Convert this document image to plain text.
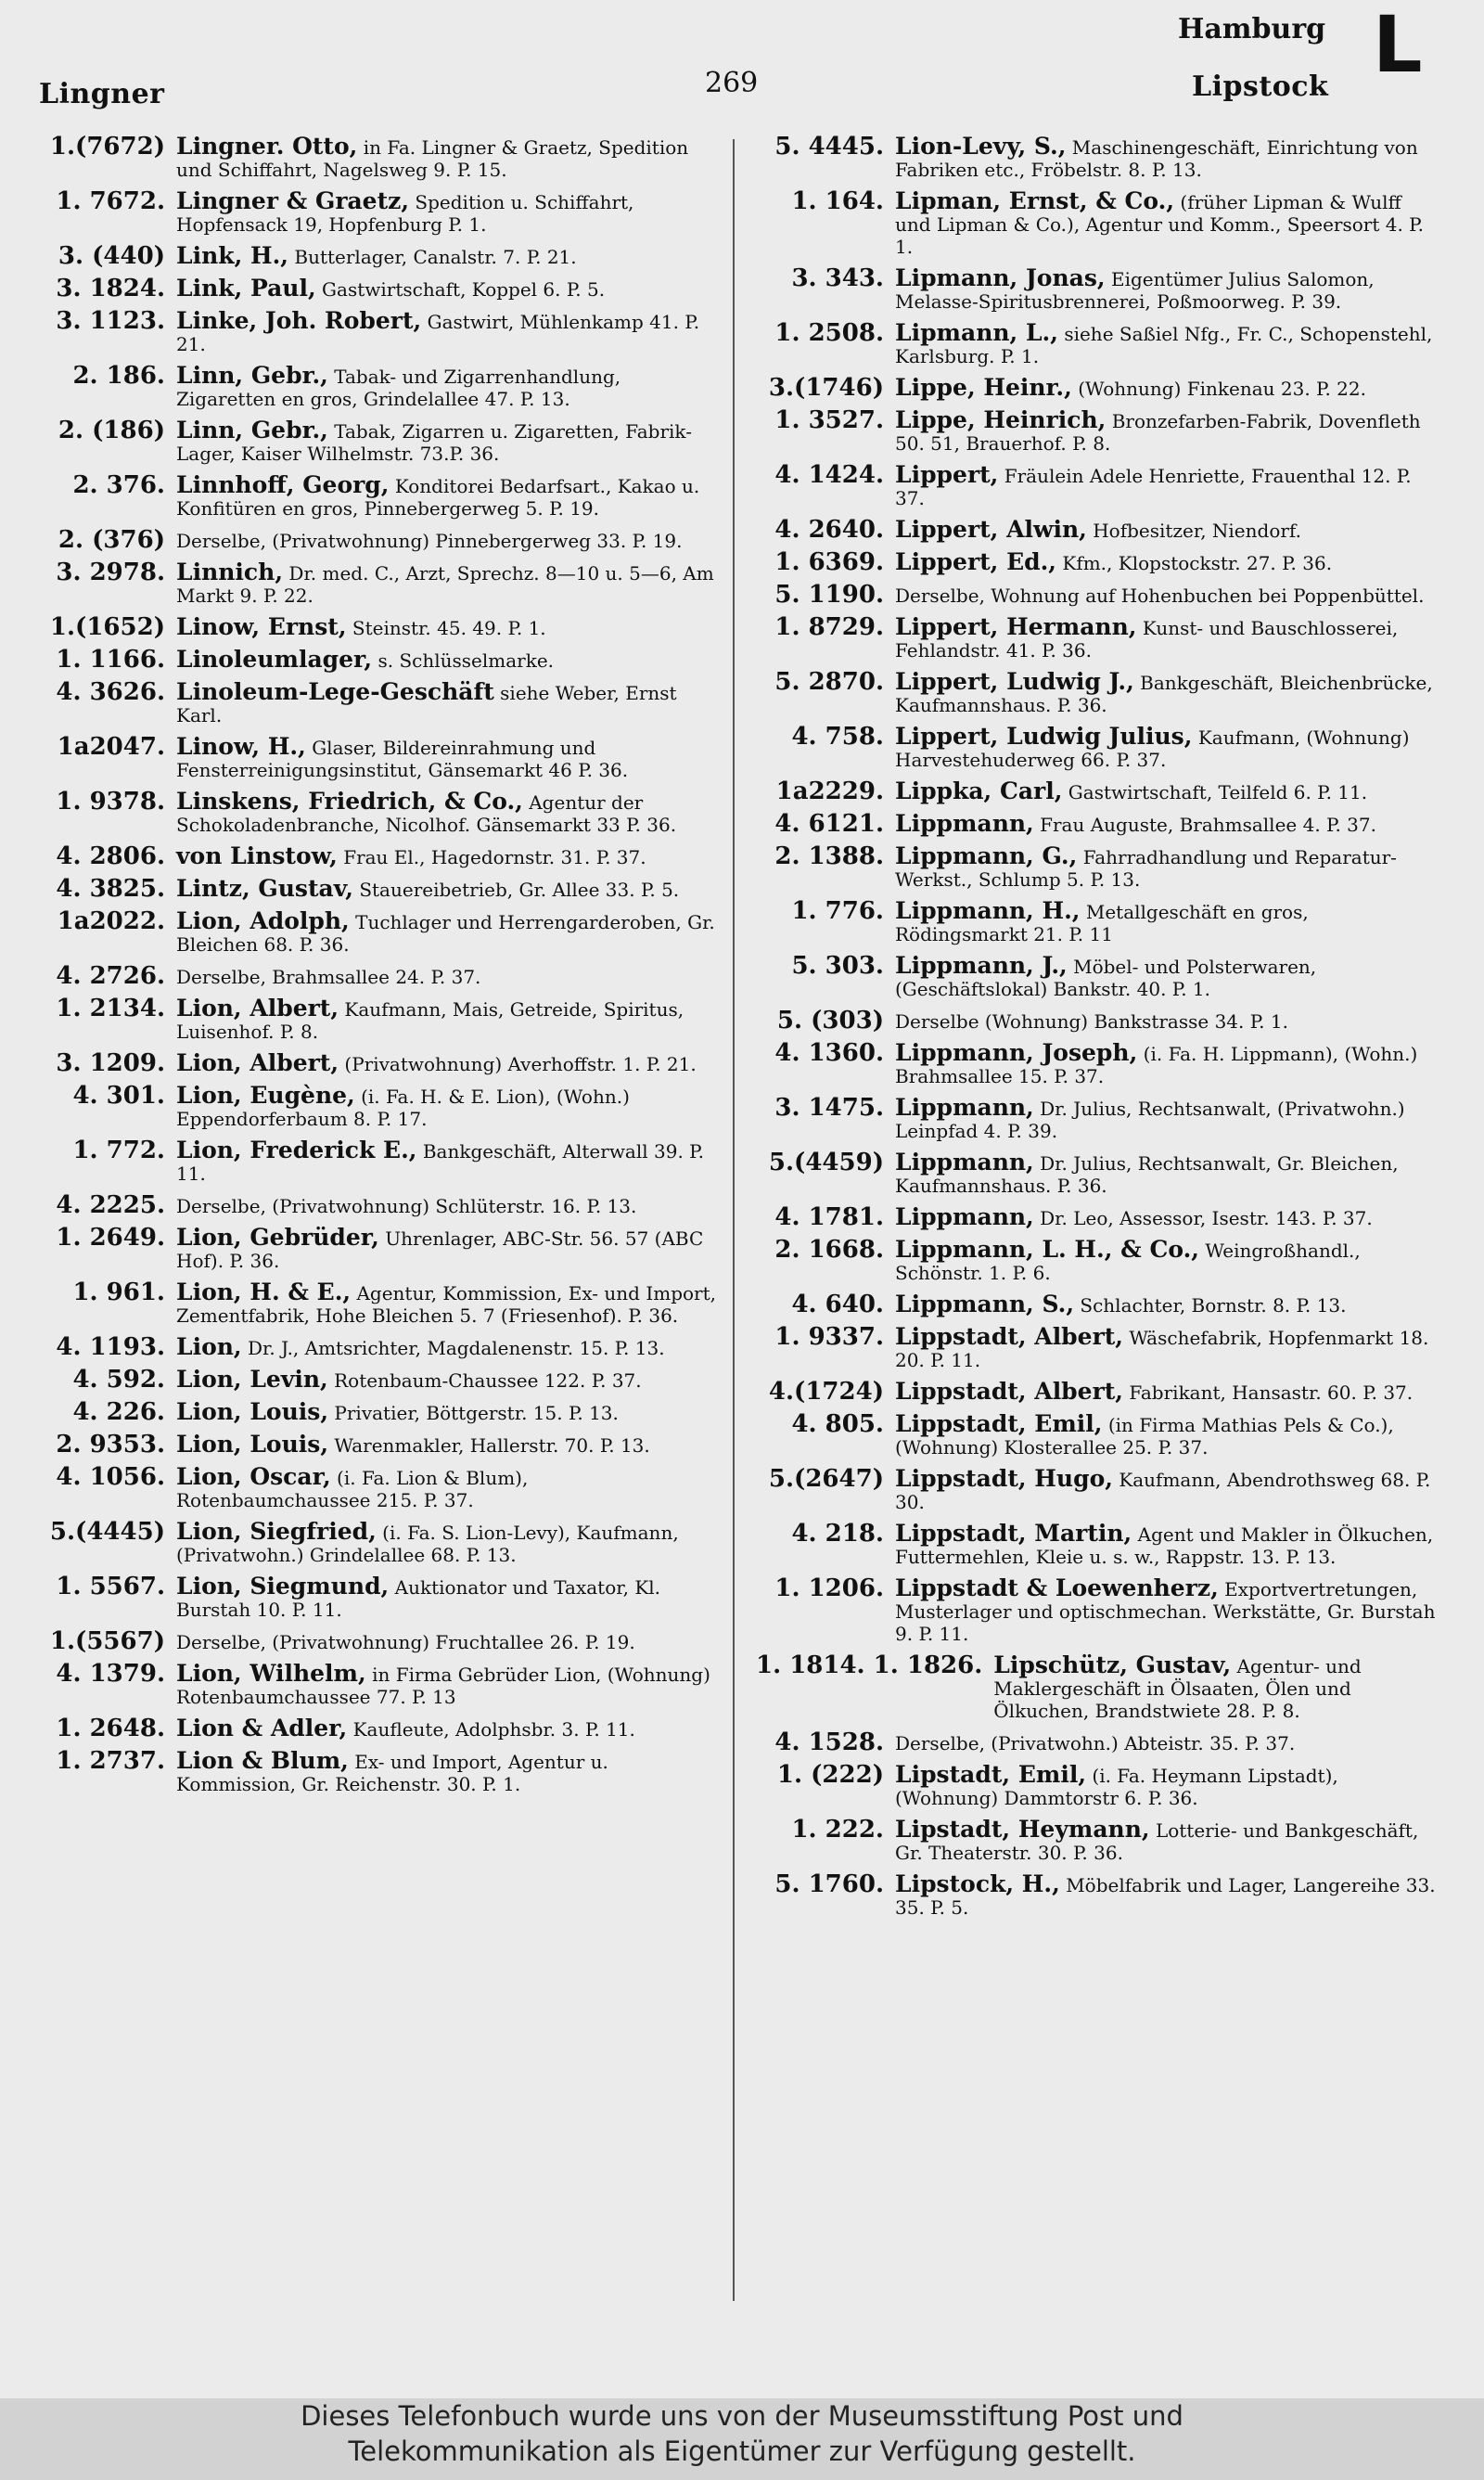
Lingner	269
Hamburg
Lipstock L
1.(7672) Lingner. Otto, in Fa. Lingner & Graetz, Spedition und Schiffahrt, Nagelsweg 9. P. 15.
1. 7672. Lingner & Graetz, Spedition u. Schiffahrt, Hopfensack 19, Hopfenburg P. 1.
3. (440) Link, H., Butterlager, Canalstr. 7. P. 21.
3. 1824. Link, Paul, Gastwirtschaft, Koppel 6. P. 5.
3. 1123. Linke, Joh. Robert, Gastwirt, Mühlenkamp 41. P. 21.
2. 186. Linn, Gebr., Tabak- und Zigarrenhandlung, Zigaretten en gros, Grindelallee 47. P. 13.
2. (186) Linn, Gebr., Tabak, Zigarren u. Zigaretten, Fabrik-Lager, Kaiser Wilhelmstr. 73.P. 36.
2. 376. Linnhoff, Georg, Konditorei Bedarfsart., Kakao u. Konfitüren en gros, Pinnebergerweg 5. P. 19.
2. (376) Derselbe, (Privatwohnung) Pinnebergerweg 33. P. 19.
3. 2978. Linnich, Dr. med. C., Arzt, Sprechz. 8—10 u. 5—6, Am Markt 9. P. 22.
1.(1652) Linow, Ernst, Steinstr. 45. 49. P. 1.
1. 1166. Linoleumlager, s. Schlüsselmarke.
4. 3626. Linoleum-Lege-Geschäft siehe Weber, Ernst Karl.
1a2047. Linow, H., Glaser, Bildereinrahmung und Fensterreinigungsinstitut, Gänsemarkt 46 P. 36.
1. 9378. Linskens, Friedrich, & Co., Agentur der Schokoladenbranche, Nicolhof. Gänsemarkt 33 P. 36.
4. 2806. von Linstow, Frau El., Hagedornstr. 31. P. 37.
4. 3825. Lintz, Gustav, Stauereibetrieb, Gr. Allee 33. P. 5.
1a2022. Lion, Adolph, Tuchlager und Herrengarderoben, Gr. Bleichen 68. P. 36.
4. 2726. Derselbe, Brahmsallee 24. P. 37.
1. 2134. Lion, Albert, Kaufmann, Mais, Getreide, Spiritus, Luisenhof. P. 8.
3. 1209. Lion, Albert, (Privatwohnung) Averhoffstr. 1. P. 21.
4. 301. Lion, Eugène, (i. Fa. H. & E. Lion), (Wohn.) Eppendorferbaum 8. P. 17.
1. 772. Lion, Frederick E., Bankgeschäft, Alterwall 39. P. 11.
4. 2225. Derselbe, (Privatwohnung) Schlüterstr. 16. P. 13.
1. 2649. Lion, Gebrüder, Uhrenlager, ABC-Str. 56. 57 (ABC Hof). P. 36.
1. 961. Lion, H. & E., Agentur, Kommission, Ex- und Import, Zementfabrik, Hohe Bleichen 5. 7 (Friesenhof). P. 36.
4. 1193. Lion, Dr. J., Amtsrichter, Magdalenenstr. 15. P. 13.
4. 592. Lion, Levin, Rotenbaum-Chaussee 122. P. 37.
4. 226. Lion, Louis, Privatier, Böttgerstr. 15. P. 13.
2. 9353. Lion, Louis, Warenmakler, Hallerstr. 70. P. 13.
4. 1056. Lion, Oscar, (i. Fa. Lion & Blum), Rotenbaumchaussee 215. P. 37.
5.(4445) Lion, Siegfried, (i. Fa. S. Lion-Levy), Kaufmann, (Privatwohn.) Grindelallee 68. P. 13.
1. 5567. Lion, Siegmund, Auktionator und Taxator, Kl. Burstah 10. P. 11.
1.(5567) Derselbe, (Privatwohnung) Fruchtallee 26. P. 19.
4. 1379. Lion, Wilhelm, in Firma Gebrüder Lion, (Wohnung) Rotenbaumchaussee 77. P. 13
1. 2648. Lion & Adler, Kaufleute, Adolphsbr. 3. P. 11.
1. 2737. Lion & Blum, Ex- und Import, Agentur u. Kommission, Gr. Reichenstr. 30. P. 1.
5. 4445. Lion-Levy, S., Maschinengeschäft, Einrichtung von Fabriken etc., Fröbelstr. 8. P. 13.
1. 164. Lipman, Ernst, & Co., (früher Lipman & Wulff und Lipman & Co.), Agentur und Komm., Speersort 4. P. 1.
3. 343. Lipmann, Jonas, Eigentümer Julius Salomon, Melasse-Spiritusbrennerei, Poßmoorweg. P. 39.
1. 2508. Lipmann, L., siehe Saßiel Nfg., Fr. C., Schopenstehl, Karlsburg. P. 1.
3.(1746) Lippe, Heinr., (Wohnung) Finkenau 23. P. 22.
1. 3527. Lippe, Heinrich, Bronzefarben-Fabrik, Dovenfleth 50. 51, Brauerhof. P. 8.
4. 1424. Lippert, Fräulein Adele Henriette, Frauenthal 12. P. 37.
4. 2640. Lippert, Alwin, Hofbesitzer, Niendorf.
1. 6369. Lippert, Ed., Kfm., Klopstockstr. 27. P. 36.
5. 1190. Derselbe, Wohnung auf Hohenbuchen bei Poppenbüttel.
1. 8729. Lippert, Hermann, Kunst- und Bauschlosserei, Fehlandstr. 41. P. 36.
5. 2870. Lippert, Ludwig J., Bankgeschäft, Bleichenbrücke, Kaufmannshaus. P. 36.
4. 758. Lippert, Ludwig Julius, Kaufmann, (Wohnung) Harvestehuderweg 66. P. 37.
1a2229. Lippka, Carl, Gastwirtschaft, Teilfeld 6. P. 11.
4. 6121. Lippmann, Frau Auguste, Brahmsallee 4. P. 37.
2. 1388. Lippmann, G., Fahrradhandlung und Reparatur-Werkst., Schlump 5. P. 13.
1. 776. Lippmann, H., Metallgeschäft en gros, Rödingsmarkt 21. P. 11
5. 303. Lippmann, J., Möbel- und Polsterwaren, (Geschäftslokal) Bankstr. 40. P. 1.
5. (303) Derselbe (Wohnung) Bankstrasse 34. P. 1.
4. 1360. Lippmann, Joseph, (i. Fa. H. Lippmann), (Wohn.) Brahmsallee 15. P. 37.
3. 1475. Lippmann, Dr. Julius, Rechtsanwalt, (Privatwohn.) Leinpfad 4. P. 39.
5.(4459) Lippmann, Dr. Julius, Rechtsanwalt, Gr. Bleichen, Kaufmannshaus. P. 36.
4. 1781. Lippmann, Dr. Leo, Assessor, Isestr. 143. P. 37.
2. 1668. Lippmann, L. H., & Co., Weingroßhandl., Schönstr. 1. P. 6.
4. 640. Lippmann, S., Schlachter, Bornstr. 8. P. 13.
1. 9337. Lippstadt, Albert, Wäschefabrik, Hopfenmarkt 18. 20. P. 11.
4.(1724) Lippstadt, Albert, Fabrikant, Hansastr. 60. P. 37.
4. 805. Lippstadt, Emil, (in Firma Mathias Pels & Co.), (Wohnung) Klosterallee 25. P. 37.
5.(2647) Lippstadt, Hugo, Kaufmann, Abendrothsweg 68. P. 30.
4. 218. Lippstadt, Martin, Agent und Makler in Ölkuchen, Futtermehlen, Kleie u. s. w., Rappstr. 13. P. 13.
1. 1206. Lippstadt & Loewenherz, Exportvertretungen, Musterlager und optischmechan. Werkstätte, Gr. Burstah 9. P. 11.
1. 1814. 1. 1826. Lipschütz, Gustav, Agentur- und Maklergeschäft in Ölsaaten, Ölen und Ölkuchen, Brandstwiete 28. P. 8.
4. 1528. Derselbe, (Privatwohn.) Abteistr. 35. P. 37.
1. (222) Lipstadt, Emil, (i. Fa. Heymann Lipstadt), (Wohnung) Dammtorstr 6. P. 36.
1. 222. Lipstadt, Heymann, Lotterie- und Bankgeschäft, Gr. Theaterstr. 30. P. 36.
5. 1760. Lipstock, H., Möbelfabrik und Lager, Langereihe 33. 35. P. 5.
Dieses Telefonbuch wurde uns von der Museumsstiftung Post und
Telekommunikation als Eigentümer zur Verfügung gestellt.
